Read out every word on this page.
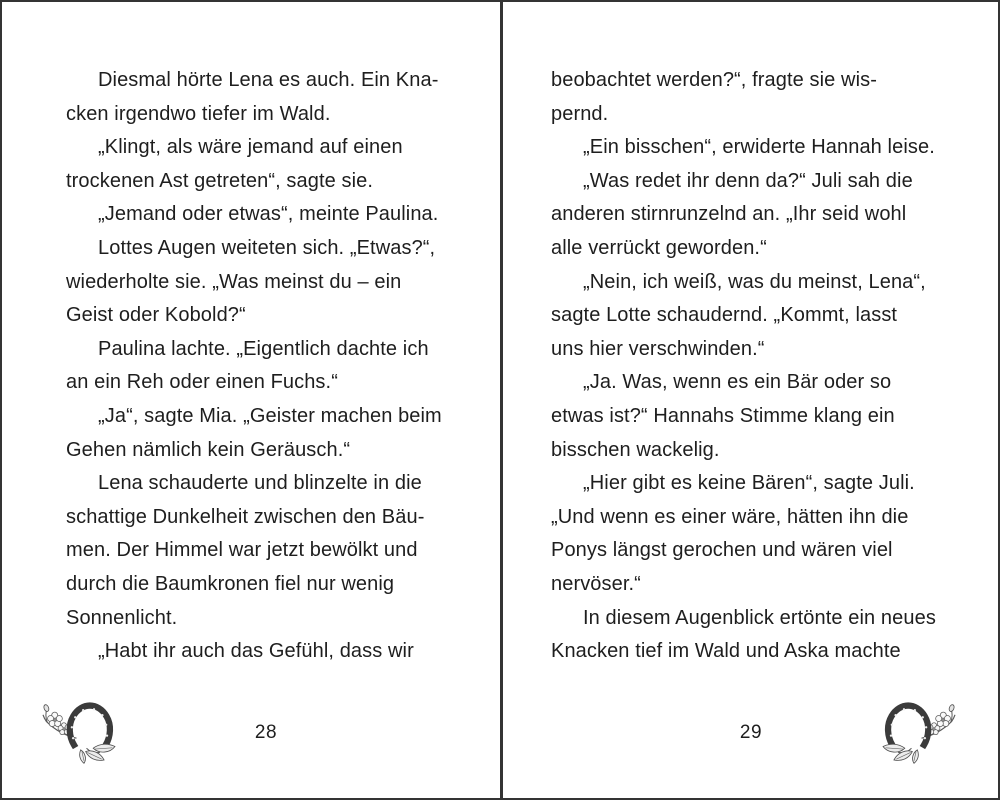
Diesmal hörte Lena es auch. Ein Kna-
cken irgendwo tiefer im Wald.
„Klingt, als wäre jemand auf einen
trockenen Ast getreten“, sagte sie.
„Jemand oder etwas“, meinte Paulina.
Lottes Augen weiteten sich. „Etwas?“,
wiederholte sie. „Was meinst du – ein
Geist oder Kobold?“
Paulina lachte. „Eigentlich dachte ich
an ein Reh oder einen Fuchs.“
„Ja“, sagte Mia. „Geister machen beim
Gehen nämlich kein Geräusch.“
Lena schauderte und blinzelte in die
schattige Dunkelheit zwischen den Bäu-
men. Der Himmel war jetzt bewölkt und
durch die Baumkronen fiel nur wenig
Sonnenlicht.
„Habt ihr auch das Gefühl, dass wir
28
beobachtet werden?“, fragte sie wis-
pernd.
„Ein bisschen“, erwiderte Hannah leise.
„Was redet ihr denn da?“ Juli sah die
anderen stirnrunzelnd an. „Ihr seid wohl
alle verrückt geworden.“
„Nein, ich weiß, was du meinst, Lena“,
sagte Lotte schaudernd. „Kommt, lasst
uns hier verschwinden.“
„Ja. Was, wenn es ein Bär oder so
etwas ist?“ Hannahs Stimme klang ein
bisschen wackelig.
„Hier gibt es keine Bären“, sagte Juli.
„Und wenn es einer wäre, hätten ihn die
Ponys längst gerochen und wären viel
nervöser.“
In diesem Augenblick ertönte ein neues
Knacken tief im Wald und Aska machte
29
